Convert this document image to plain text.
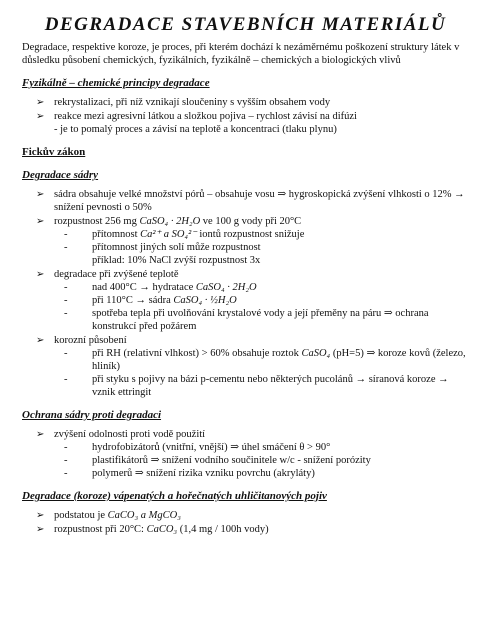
DEGRADACE STAVEBNÍCH MATERIÁLŮ
Degradace, respektive koroze, je proces, při kterém dochází k nezáměrnému poškození struktury látek v důsledku působení chemických, fyzikálních, fyzikálně – chemických a biologických vlivů
Fyzikálně – chemické principy degradace
➢ rekrystalizaci, při níž vznikají sloučeniny s vyšším obsahem vody
➢ reakce mezi agresivní látkou a složkou pojiva – rychlost závisí na difúzi
- je to pomalý proces a závisí na teplotě a koncentraci (tlaku plynu)
Fickův zákon
Degradace sádry
➢ sádra obsahuje velké množství pórů – obsahuje vosu ⇒ hygroskopická zvýšení vlhkosti o 12% → snížení pevnosti o 50%
➢ rozpustnost 256 mg CaSO₄ · 2H₂O ve 100 g vody při 20°C
- přítomnost Ca²⁺ a SO₄²⁻ iontů rozpustnost snižuje
- přítomnost jiných solí může rozpustnost
příklad: 10% NaCl zvýší rozpustnost 3x
➢ degradace při zvýšené teplotě
- nad 400°C → hydratace CaSO₄ · 2H₂O
- při 110°C → sádra CaSO₄ · ½H₂O
- spotřeba tepla při uvolňování krystalové vody a její přeměny na páru ⇒ ochrana konstrukcí před požárem
➢ korozní působení
- při RH (relativní vlhkost) > 60% obsahuje roztok CaSO₄ (pH=5) ⇒ koroze kovů (železo, hliník)
- při styku s pojivy na bázi p-cementu nebo některých pucolánů → síranová koroze → vznik ettringit
Ochrana sádry proti degradaci
➢ zvýšení odolnosti proti vodě použití
- hydrofobizátorů (vnitřní, vnější) ⇒ úhel smáčení θ > 90°
- plastifikátorů ⇒ snížení vodního součinitele w/c - snížení porózity
- polymerů ⇒ snížení rizika vzniku povrchu (akryláty)
Degradace (koroze) vápenatých a hořečnatých uhličitanových pojiv
➢ podstatou je CaCO₃ a MgCO₃
➢ rozpustnost při 20°C: CaCO₃ (1,4 mg / 100h vody)
